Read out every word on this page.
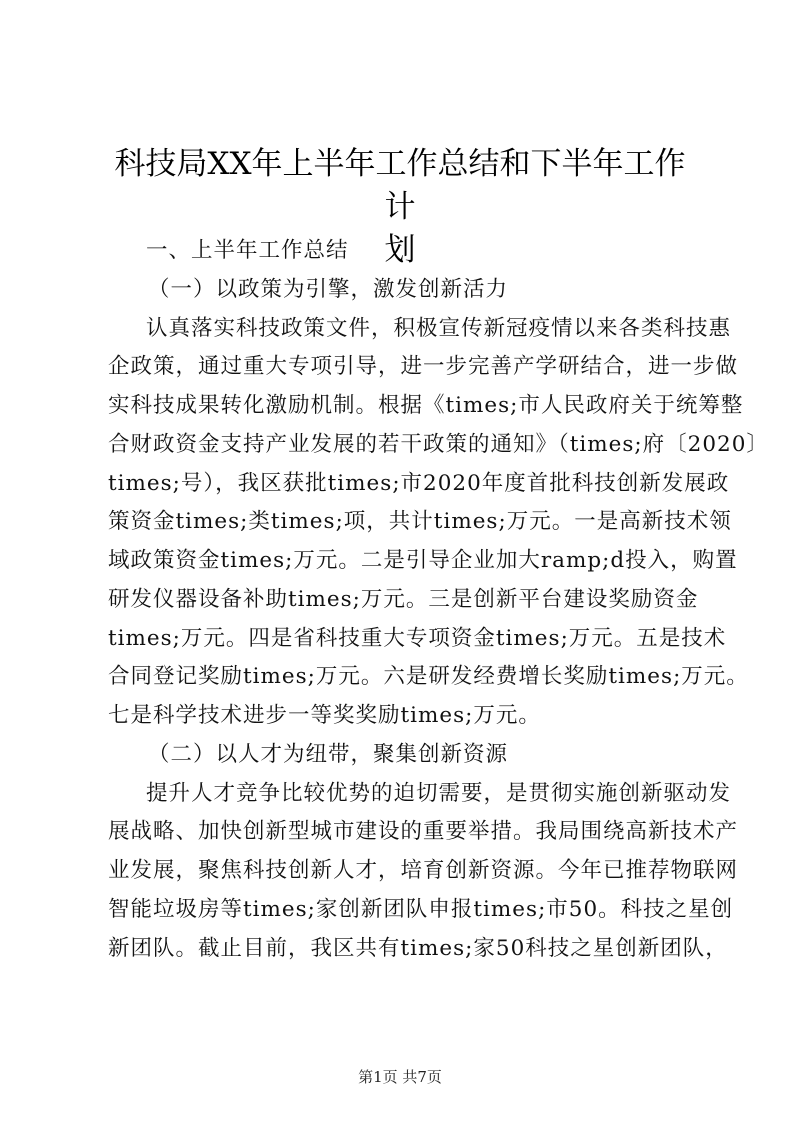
科技局XX年上半年工作总结和下半年工作计
划
一、上半年工作总结
（一）以政策为引擎，激发创新活力
认真落实科技政策文件，积极宣传新冠疫情以来各类科技惠
企政策，通过重大专项引导，进一步完善产学研结合，进一步做
实科技成果转化激励机制。根据《times;市人民政府关于统筹整
合财政资金支持产业发展的若干政策的通知》（times;府〔2020〕
times;号），我区获批times;市2020年度首批科技创新发展政
策资金times;类times;项，共计times;万元。一是高新技术领
域政策资金times;万元。二是引导企业加大ramp;d投入，购置
研发仪器设备补助times;万元。三是创新平台建设奖励资金
times;万元。四是省科技重大专项资金times;万元。五是技术
合同登记奖励times;万元。六是研发经费增长奖励times;万元。
七是科学技术进步一等奖奖励times;万元。
（二）以人才为纽带，聚集创新资源
提升人才竞争比较优势的迫切需要，是贯彻实施创新驱动发
展战略、加快创新型城市建设的重要举措。我局围绕高新技术产
业发展，聚焦科技创新人才，培育创新资源。今年已推荐物联网
智能垃圾房等times;家创新团队申报times;市50。科技之星创
新团队。截止目前，我区共有times;家50科技之星创新团队，
第1页 共7页
